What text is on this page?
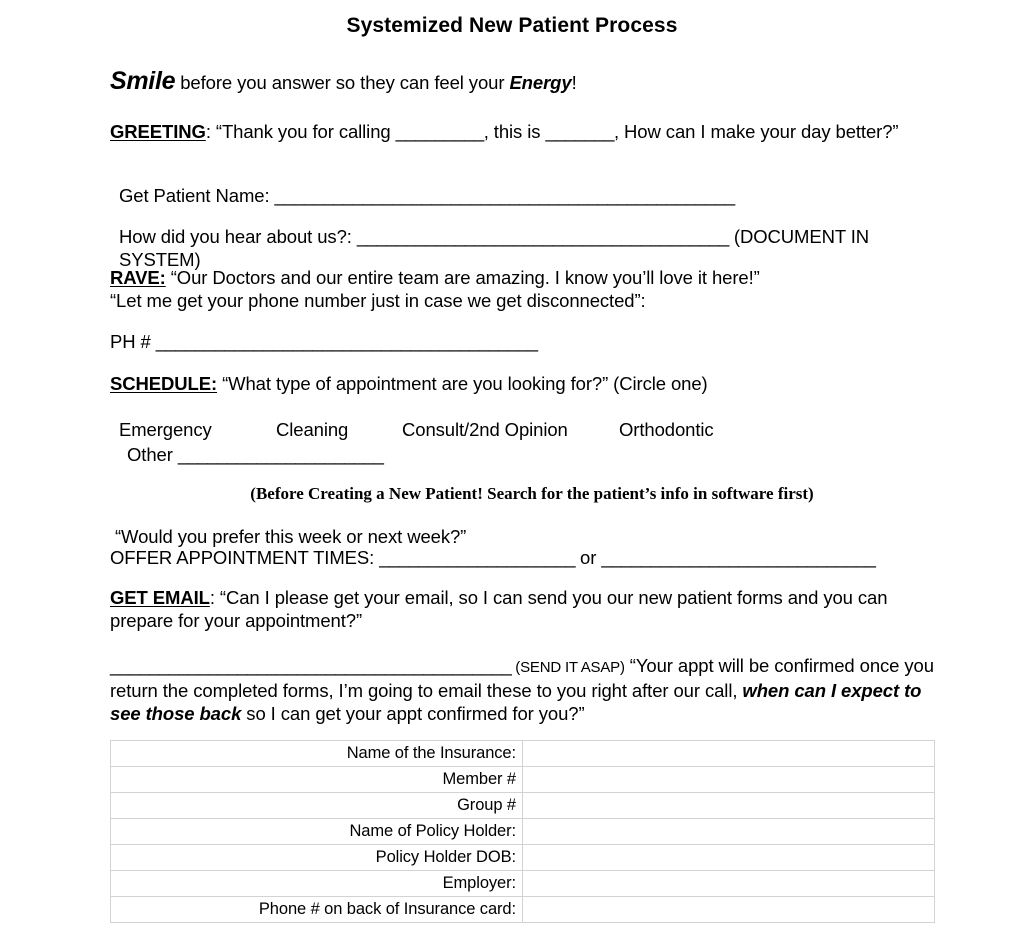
Systemized New Patient Process
Smile before you answer so they can feel your Energy!
GREETING: “Thank you for calling _________, this is _______, How can I make your day better?”
Get Patient Name: _______________________________________________
How did you hear about us?: ______________________________________ (DOCUMENT IN SYSTEM)
RAVE: “Our Doctors and our entire team are amazing. I know you’ll love it here!”
“Let me get your phone number just in case we get disconnected”:
PH # _______________________________________
SCHEDULE: “What type of appointment are you looking for?” (Circle one)
Emergency	Cleaning	Consult/2nd Opinion	Orthodontic
Other _____________________
(Before Creating a New Patient! Search for the patient’s info in software first)
“Would you prefer this week or next week?”
OFFER APPOINTMENT TIMES: ____________________ or ____________________________
GET EMAIL: “Can I please get your email, so I can send you our new patient forms and you can prepare for your appointment?”
_________________________________________ (SEND IT ASAP) “Your appt will be confirmed once you return the completed forms, I’m going to email these to you right after our call, when can I expect to see those back so I can get your appt confirmed for you?”
Name of the Insurance:	
Member #	
Group #	
Name of Policy Holder:	
Policy Holder DOB:	
Employer:	
Phone # on back of Insurance card:	
